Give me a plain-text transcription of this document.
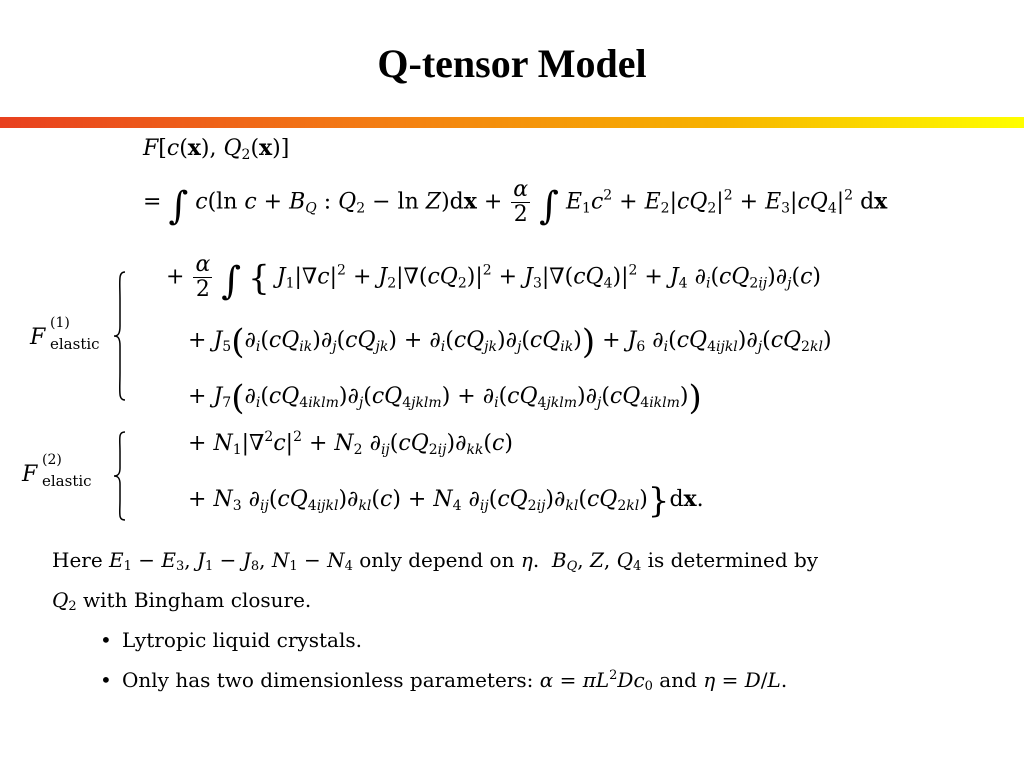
Q-tensor Model
F[c(x), $Q_2(x)$]
= ∫ c(ln $c + B_Q$ : $Q_2 - \ln Z)dx + \frac{\alpha}{2}$ ∫ $E_1c^2 + E_2|cQ_2|^2 + E_3|cQ_4|^2$ dx
+ $\frac{\alpha}{2}$ ∫ { $J_1|\nabla c|^2 + J_2|\nabla(cQ_2)|^2 + J_3|\nabla(cQ_4)|^2 + J_4$ $\partial_i(cQ_{2ij})\partial_j(c)$
+ $J_5(\partial_i(cQ_{ik})\partial_j(cQ_{jk}) + \partial_i(cQ_{jk})\partial_j(cQ_{ik})) + J_6$ $\partial_i(cQ_{4ijkl})\partial_j(cQ_{2kl})$
+ $J_7(\partial_i(cQ_{4iklm})\partial_j(cQ_{4jklm}) + \partial_i(cQ_{4jklm})\partial_j(cQ_{4iklm}))$
+ $N_1|\nabla^2c|^2 + N_2$ $\partial_{ij}(cQ_{2ij})\partial_{kk}(c)$
+ $N_3$ $\partial_{ij}(cQ_{4ijkl})\partial_{kl}(c) + N_4$ $\partial_{ij}(cQ_{2ij})\partial_{kl}(cQ_{2kl})\}dx$.
F
(1)
elastic
F
(2)
elastic
Here $E_1 - E_3$, $J_1 - J_8$, $N_1 - N_4$ only depend on η.  $B_Q$, Z, $Q_4$ is determined by
$Q_2$ with Bingham closure.
• Lytropic liquid crystals.
• Only has two dimensionless parameters: $\alpha = \pi L^2Dc_0$ and η = D/L.
